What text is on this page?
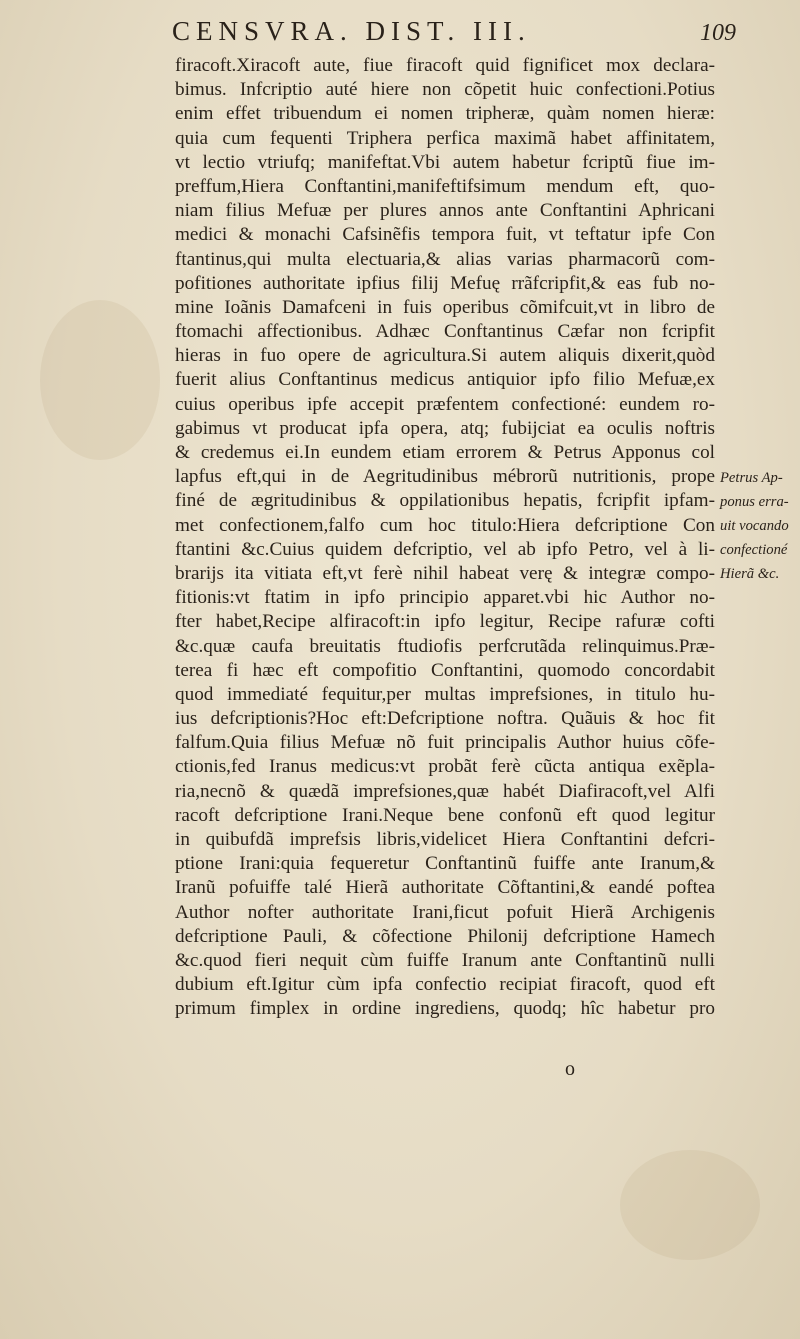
CENSVRA. DIST. III.	109
firacoft.Xiracoft aute, fiue firacoft quid fignificet mox declara-
bimus. Infcriptio auté hiere non cõpetit huic confectioni.Potius
enim effet tribuendum ei nomen tripheræ, quàm nomen hieræ:
quia cum fequenti Triphera perfica maximã habet affinitatem,
vt lectio vtriufq; manifeftat.Vbi autem habetur fcriptũ fiue im-
preffum,Hiera Conftantini,manifeftifsimum mendum eft, quo-
niam filius Mefuæ per plures annos ante Conftantini Aphricani
medici & monachi Cafsinẽfis tempora fuit, vt teftatur ipfe Con
ftantinus,qui multa electuaria,& alias varias pharmacorũ com-
pofitiones authoritate ipfius filij Mefuę rrãfcripfit,& eas fub no-
mine Ioãnis Damafceni in fuis operibus cõmifcuit,vt in libro de
ftomachi affectionibus. Adhæc Conftantinus Cæfar non fcripfit
hieras in fuo opere de agricultura.Si autem aliquis dixerit,quòd
fuerit alius Conftantinus medicus antiquior ipfo filio Mefuæ,ex
cuius operibus ipfe accepit præfentem confectioné: eundem ro-
gabimus vt producat ipfa opera, atq; fubijciat ea oculis noftris
& credemus ei.In eundem etiam errorem & Petrus Apponus col
lapfus eft,qui in de Aegritudinibus mébrorũ nutritionis, prope
finé de ægritudinibus & oppilationibus hepatis, fcripfit ipfam-
met confectionem,falfo cum hoc titulo:Hiera defcriptione Con
ftantini &c.Cuius quidem defcriptio, vel ab ipfo Petro, vel à li-
brarijs ita vitiata eft,vt ferè nihil habeat verę & integræ compo-
fitionis:vt ftatim in ipfo principio apparet.vbi hic Author no-
fter habet,Recipe alfiracoft:in ipfo legitur, Recipe rafuræ cofti
&c.quæ caufa breuitatis ftudiofis perfcrutãda relinquimus.Præ-
terea fi hæc eft compofitio Conftantini, quomodo concordabit
quod immediaté fequitur,per multas imprefsiones, in titulo hu-
ius defcriptionis?Hoc eft:Defcriptione noftra. Quãuis & hoc fit
falfum.Quia filius Mefuæ nõ fuit principalis Author huius cõfe-
ctionis,fed Iranus medicus:vt probãt ferè cũcta antiqua exẽpla-
ria,necnõ & quædã imprefsiones,quæ habét Diafiracoft,vel Alfi
racoft defcriptione Irani.Neque bene confonũ eft quod legitur
in quibufdã imprefsis libris,videlicet Hiera Conftantini defcri-
ptione Irani:quia fequeretur Conftantinũ fuiffe ante Iranum,&
Iranũ pofuiffe talé Hierã authoritate Cõftantini,& eandé poftea
Author nofter authoritate Irani,ficut pofuit Hierã Archigenis
defcriptione Pauli, & cõfectione Philonij defcriptione Hamech
&c.quod fieri nequit cùm fuiffe Iranum ante Conftantinũ nulli
dubium eft.Igitur cùm ipfa confectio recipiat firacoft, quod eft
primum fimplex in ordine ingrediens, quodq; hîc habetur pro
Petrus Ap-
ponus erra-
uit vocando
confectioné
Hierã &c.
o
